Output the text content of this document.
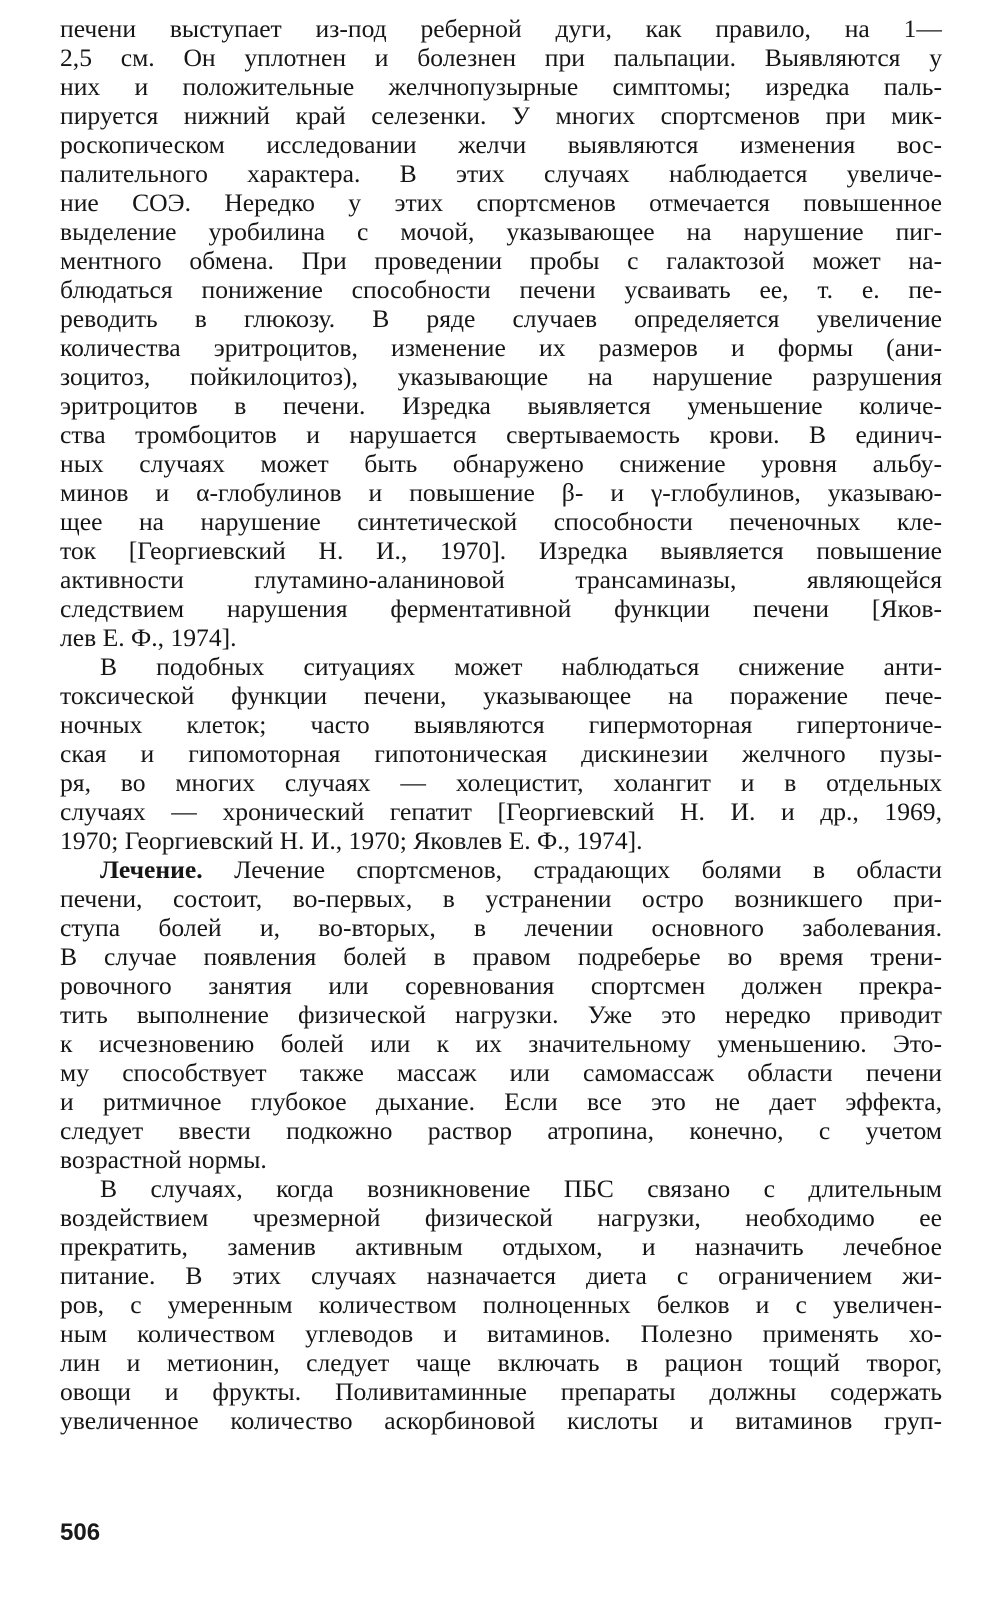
печени выступает из-под реберной дуги, как правило, на 1—
2,5 см. Он уплотнен и болезнен при пальпации. Выявляются у
них и положительные желчнопузырные симптомы; изредка паль-
пируется нижний край селезенки. У многих спортсменов при мик-
роскопическом исследовании желчи выявляются изменения вос-
палительного характера. В этих случаях наблюдается увеличе-
ние СОЭ. Нередко у этих спортсменов отмечается повышенное
выделение уробилина с мочой, указывающее на нарушение пиг-
ментного обмена. При проведении пробы с галактозой может на-
блюдаться понижение способности печени усваивать ее, т. е. пе-
реводить в глюкозу. В ряде случаев определяется увеличение
количества эритроцитов, изменение их размеров и формы (ани-
зоцитоз, пойкилоцитоз), указывающие на нарушение разрушения
эритроцитов в печени. Изредка выявляется уменьшение количе-
ства тромбоцитов и нарушается свертываемость крови. В единич-
ных случаях может быть обнаружено снижение уровня альбу-
минов и α-глобулинов и повышение β- и γ-глобулинов, указываю-
щее на нарушение синтетической способности печеночных кле-
ток [Георгиевский Н. И., 1970]. Изредка выявляется повышение
активности глутамино-аланиновой трансаминазы, являющейся
следствием нарушения ферментативной функции печени [Яков-
лев Е. Ф., 1974].
В подобных ситуациях может наблюдаться снижение анти-
токсической функции печени, указывающее на поражение пече-
ночных клеток; часто выявляются гипермоторная гипертониче-
ская и гипомоторная гипотоническая дискинезии желчного пузы-
ря, во многих случаях — холецистит, холангит и в отдельных
случаях — хронический гепатит [Георгиевский Н. И. и др., 1969,
1970; Георгиевский Н. И., 1970; Яковлев Е. Ф., 1974].
Лечение. Лечение спортсменов, страдающих болями в области
печени, состоит, во-первых, в устранении остро возникшего при-
ступа болей и, во-вторых, в лечении основного заболевания.
В случае появления болей в правом подреберье во время трени-
ровочного занятия или соревнования спортсмен должен прекра-
тить выполнение физической нагрузки. Уже это нередко приводит
к исчезновению болей или к их значительному уменьшению. Это-
му способствует также массаж или самомассаж области печени
и ритмичное глубокое дыхание. Если все это не дает эффекта,
следует ввести подкожно раствор атропина, конечно, с учетом
возрастной нормы.
В случаях, когда возникновение ПБС связано с длительным
воздействием чрезмерной физической нагрузки, необходимо ее
прекратить, заменив активным отдыхом, и назначить лечебное
питание. В этих случаях назначается диета с ограничением жи-
ров, с умеренным количеством полноценных белков и с увеличен-
ным количеством углеводов и витаминов. Полезно применять хо-
лин и метионин, следует чаще включать в рацион тощий творог,
овощи и фрукты. Поливитаминные препараты должны содержать
увеличенное количество аскорбиновой кислоты и витаминов груп-
506
